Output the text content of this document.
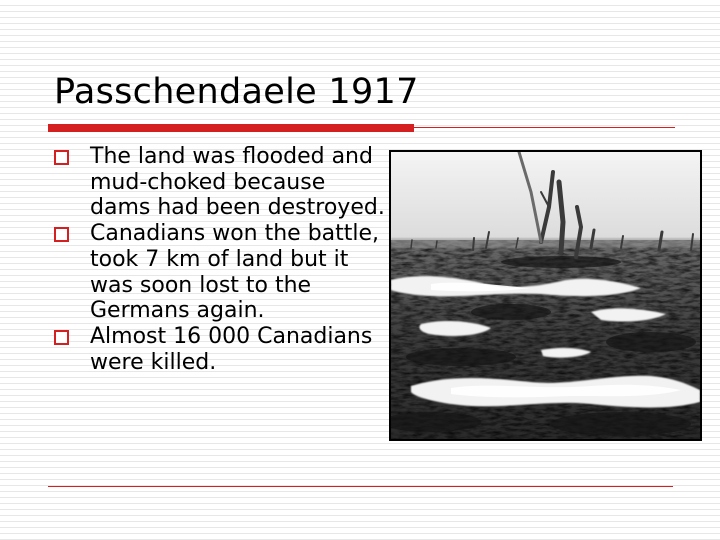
Passchendaele 1917
The land was flooded and mud-choked because dams had been destroyed.
Canadians won the battle, took 7 km of land but it was soon lost to the Germans again.
Almost 16 000 Canadians were killed.
